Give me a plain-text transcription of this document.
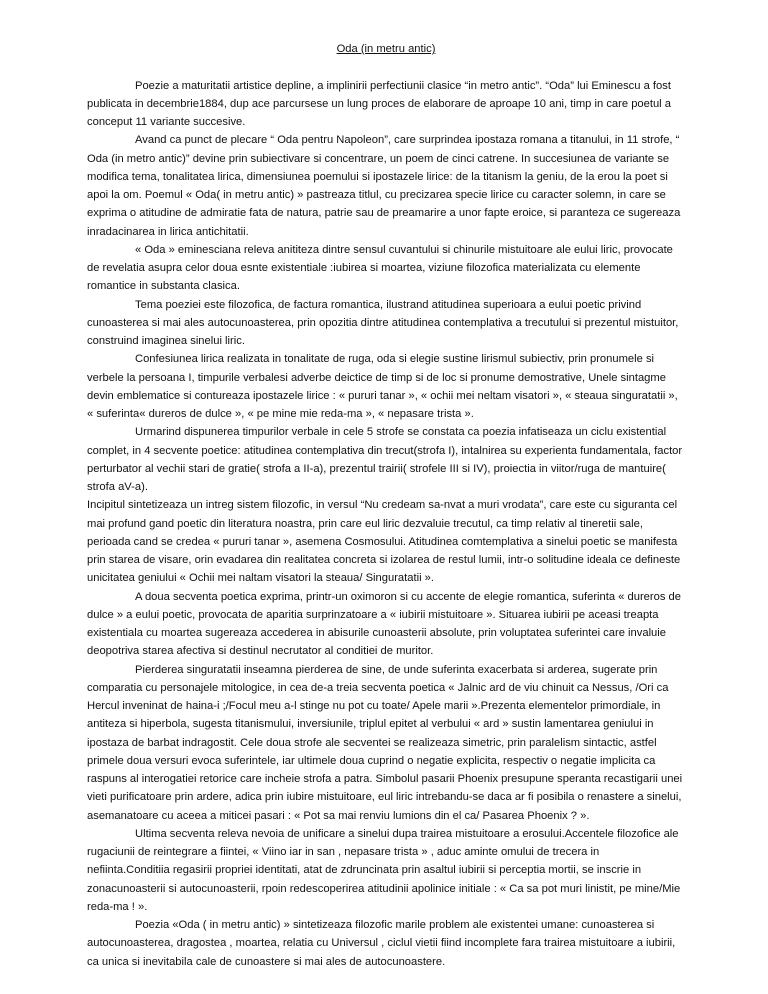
Oda (in metru antic)

Poezie a maturitatii artistice depline, a implinirii perfectiunii clasice “in metro antic”. “Oda” lui Eminescu a fost publicata in decembrie1884, dup ace parcursese un lung proces de elaborare de aproape 10 ani, timp in care poetul a conceput 11 variante succesive.

Avand ca punct de plecare “ Oda pentru Napoleon”, care surprindea ipostaza romana a titanului, in 11 strofe, “ Oda (in metro antic)” devine prin subiectivare si concentrare, un poem de cinci catrene. In succesiunea de variante se modifica tema, tonalitatea lirica, dimensiunea poemului si ipostazele lirice: de la titanism la geniu, de la erou la poet si apoi la om. Poemul « Oda( in metru antic) » pastreaza titlul, cu precizarea specie lirice cu caracter solemn, in care se exprima o atitudine de admiratie fata de natura, patrie sau de preamarire a unor fapte eroice, si paranteza ce sugereaza inradacinarea in lirica antichitatii.

« Oda » eminesciana releva anititeza dintre sensul cuvantului si chinurile mistuitoare ale eului liric, provocate de revelatia asupra celor doua esnte existentiale :iubirea si moartea, viziune filozofica materializata cu elemente romantice in substanta clasica.

Tema poeziei este filozofica, de factura romantica, ilustrand atitudinea superioara a eului poetic privind cunoasterea si mai ales autocunoasterea, prin opozitia dintre atitudinea contemplativa a trecutului si prezentul mistuitor, construind imaginea sinelui liric.

Confesiunea lirica realizata in tonalitate de ruga, oda si elegie sustine lirismul subiectiv, prin pronumele si verbele la persoana I, timpurile verbalesi adverbe deictice de timp si de loc si pronume demostrative, Unele sintagme devin emblematice si contureaza ipostazele lirice : « pururi tanar », « ochii mei neltam visatori », « steaua singuratatii », « suferinta« dureros de dulce », « pe mine mie reda-ma », « nepasare trista ».

Urmarind dispunerea timpurilor verbale in cele 5 strofe se constata ca poezia infatiseaza un ciclu existential complet, in 4 secvente poetice: atitudinea contemplativa din trecut(strofa I), intalnirea su experienta fundamentala, factor perturbator al vechii stari de gratie( strofa a II-a), prezentul trairii( strofele III si IV), proiectia in viitor/ruga de mantuire( strofa aV-a).

Incipitul sintetizeaza un intreg sistem filozofic, in versul “Nu credeam sa-nvat a muri vrodata”, care este cu siguranta cel mai profund gand poetic din literatura noastra, prin care eul liric dezvaluie trecutul, ca timp relativ al tineretii sale, perioada cand se credea « pururi tanar », asemena Cosmosului. Atitudinea comtemplativa a sinelui poetic se manifesta prin starea de visare, orin evadarea din realitatea concreta si izolarea de restul lumii, intr-o solitudine ideala ce defineste unicitatea geniului « Ochii mei naltam visatori la steaua/ Singuratatii ».

A doua secventa poetica exprima, printr-un oximoron si cu accente de elegie romantica, suferinta « dureros de dulce » a eului poetic, provocata de aparitia surprinzatoare a « iubirii mistuitoare ». Situarea iubirii pe aceasi treapta existentiala cu moartea sugereaza accederea in abisurile cunoasterii absolute, prin voluptatea suferintei care invaluie deopotriva starea afectiva si destinul necrutator al conditiei de muritor.

Pierderea singuratatii inseamna pierderea de sine, de unde suferinta exacerbata si arderea, sugerate prin comparatia cu personajele mitologice, in cea de-a treia secventa poetica « Jalnic ard de viu chinuit ca Nessus, /Ori ca Hercul inveninat de haina-i ;/Focul meu a-l stinge nu pot cu toate/ Apele marii ».Prezenta elementelor primordiale, in antiteza si hiperbola, sugesta titanismului, inversiunile, triplul epitet al verbului « ard » sustin lamentarea geniului in ipostaza de barbat indragostit. Cele doua strofe ale secventei se realizeaza simetric, prin paralelism sintactic, astfel primele doua versuri evoca suferintele, iar ultimele doua cuprind o negatie explicita, respectiv o negatie implicita ca raspuns al interogatiei retorice care incheie strofa a patra. Simbolul pasarii Phoenix presupune speranta recastigarii unei vieti purificatoare prin ardere, adica prin iubire mistuitoare, eul liric intrebandu-se daca ar fi posibila o renastere a sinelui, asemanatoare cu aceea a miticei pasari : « Pot sa mai renviu lumions din el ca/ Pasarea Phoenix ? ».

Ultima secventa releva nevoia de unificare a sinelui dupa trairea mistuitoare a erosului.Accentele filozofice ale rugaciunii de reintegrare a fiintei, « Viino iar in san , nepasare trista » , aduc aminte omului de trecera in nefiinta.Conditiia regasirii propriei identitati, atat de zdruncinata prin asaltul iubirii si perceptia mortii, se inscrie in zonacunoasterii si autocunoasterii, rpoin redescoperirea atitudinii apolinice initiale : « Ca sa pot muri linistit, pe mine/Mie reda-ma ! ».

Poezia «Oda ( in metru antic) » sintetizeaza filozofic marile problem ale existentei umane: cunoasterea si autocunoasterea, dragostea , moartea, relatia cu Universul , ciclul vietii fiind incomplete fara trairea mistuitoare a iubirii, ca unica si inevitabila cale de cunoastere si mai ales de autocunoastere.
